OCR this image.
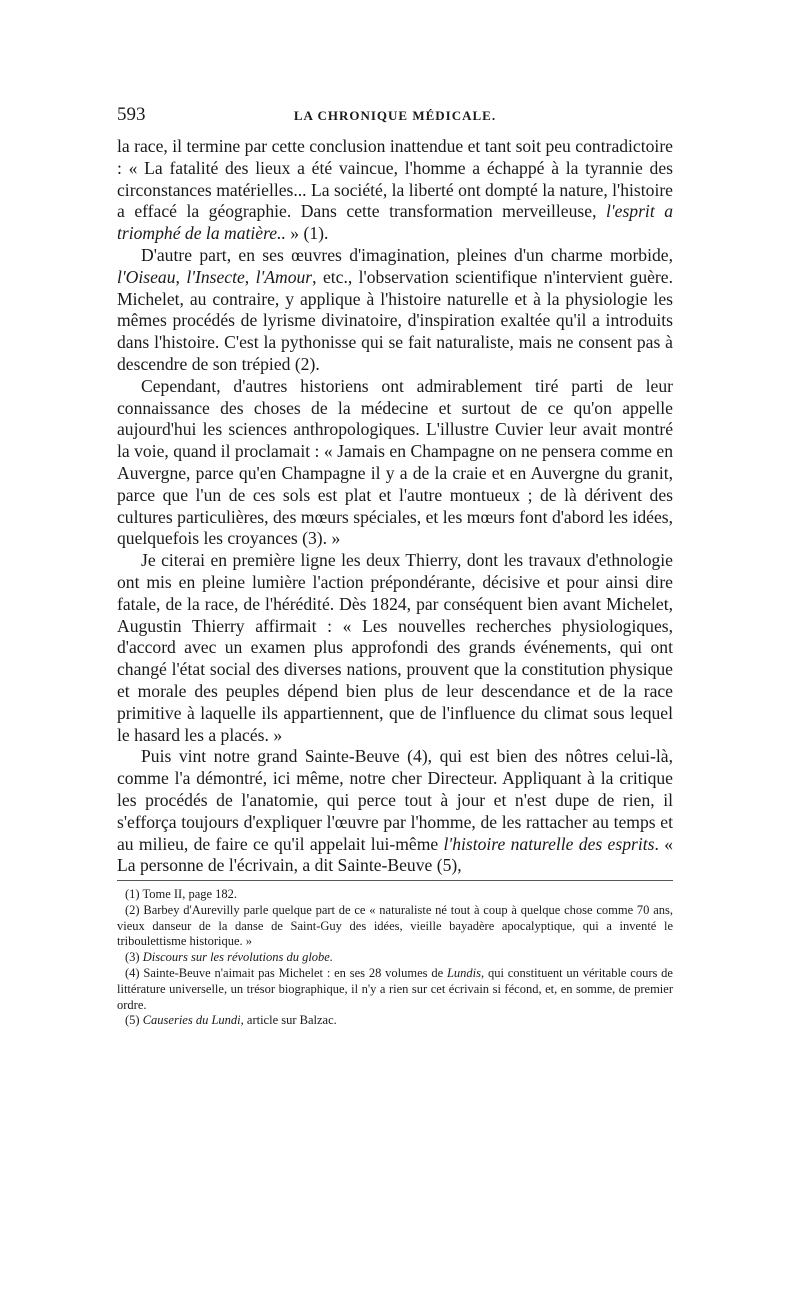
593	LA CHRONIQUE MÉDICALE.

la race, il termine par cette conclusion inattendue et tant soit peu contradictoire : « La fatalité des lieux a été vaincue, l'homme a échappé à la tyrannie des circonstances matérielles... La société, la liberté ont dompté la nature, l'histoire a effacé la géographie. Dans cette transformation merveilleuse, l'esprit a triomphé de la matière.. » (1).

D'autre part, en ses œuvres d'imagination, pleines d'un charme morbide, l'Oiseau, l'Insecte, l'Amour, etc., l'observation scientifique n'intervient guère. Michelet, au contraire, y applique à l'histoire naturelle et à la physiologie les mêmes procédés de lyrisme divinatoire, d'inspiration exaltée qu'il a introduits dans l'histoire. C'est la pythonisse qui se fait naturaliste, mais ne consent pas à descendre de son trépied (2).

Cependant, d'autres historiens ont admirablement tiré parti de leur connaissance des choses de la médecine et surtout de ce qu'on appelle aujourd'hui les sciences anthropologiques. L'illustre Cuvier leur avait montré la voie, quand il proclamait : « Jamais en Champagne on ne pensera comme en Auvergne, parce qu'en Champagne il y a de la craie et en Auvergne du granit, parce que l'un de ces sols est plat et l'autre montueux ; de là dérivent des cultures particulières, des mœurs spéciales, et les mœurs font d'abord les idées, quelquefois les croyances (3). »

Je citerai en première ligne les deux Thierry, dont les travaux d'ethnologie ont mis en pleine lumière l'action prépondérante, décisive et pour ainsi dire fatale, de la race, de l'hérédité. Dès 1824, par conséquent bien avant Michelet, Augustin Thierry affirmait : « Les nouvelles recherches physiologiques, d'accord avec un examen plus approfondi des grands événements, qui ont changé l'état social des diverses nations, prouvent que la constitution physique et morale des peuples dépend bien plus de leur descendance et de la race primitive à laquelle ils appartiennent, que de l'influence du climat sous lequel le hasard les a placés. »

Puis vint notre grand Sainte-Beuve (4), qui est bien des nôtres celui-là, comme l'a démontré, ici même, notre cher Directeur. Appliquant à la critique les procédés de l'anatomie, qui perce tout à jour et n'est dupe de rien, il s'efforça toujours d'expliquer l'œuvre par l'homme, de les rattacher au temps et au milieu, de faire ce qu'il appelait lui-même l'histoire naturelle des esprits. « La personne de l'écrivain, a dit Sainte-Beuve (5),

(1) Tome II, page 182.

(2) Barbey d'Aurevilly parle quelque part de ce « naturaliste né tout à coup à quelque chose comme 70 ans, vieux danseur de la danse de Saint-Guy des idées, vieille bayadère apocalyptique, qui a inventé le triboulettisme historique. »

(3) Discours sur les révolutions du globe.

(4) Sainte-Beuve n'aimait pas Michelet : en ses 28 volumes de Lundis, qui constituent un véritable cours de littérature universelle, un trésor biographique, il n'y a rien sur cet écrivain si fécond, et, en somme, de premier ordre.

(5) Causeries du Lundi, article sur Balzac.
